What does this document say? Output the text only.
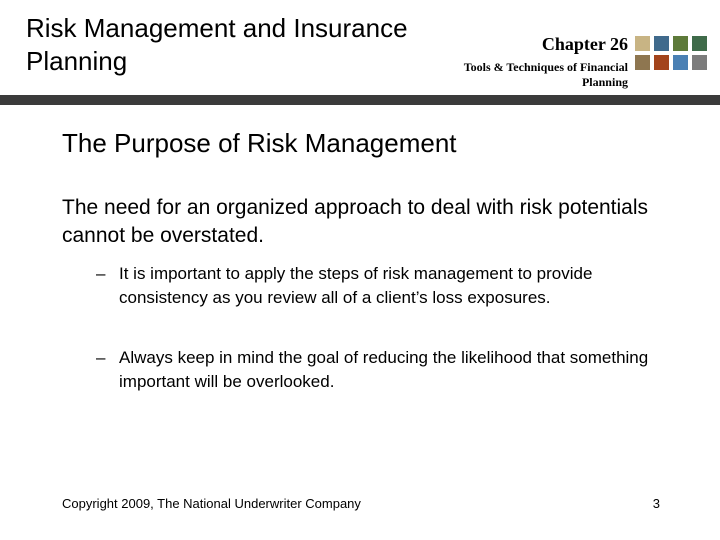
Risk Management and Insurance Planning
Chapter 26
Tools & Techniques of Financial Planning
The Purpose of Risk Management
The need for an organized approach to deal with risk potentials cannot be overstated.
– It is important to apply the steps of risk management to provide consistency as you review all of a client’s loss exposures.
– Always keep in mind the goal of reducing the likelihood that something important will be overlooked.
Copyright 2009, The National Underwriter Company	3
